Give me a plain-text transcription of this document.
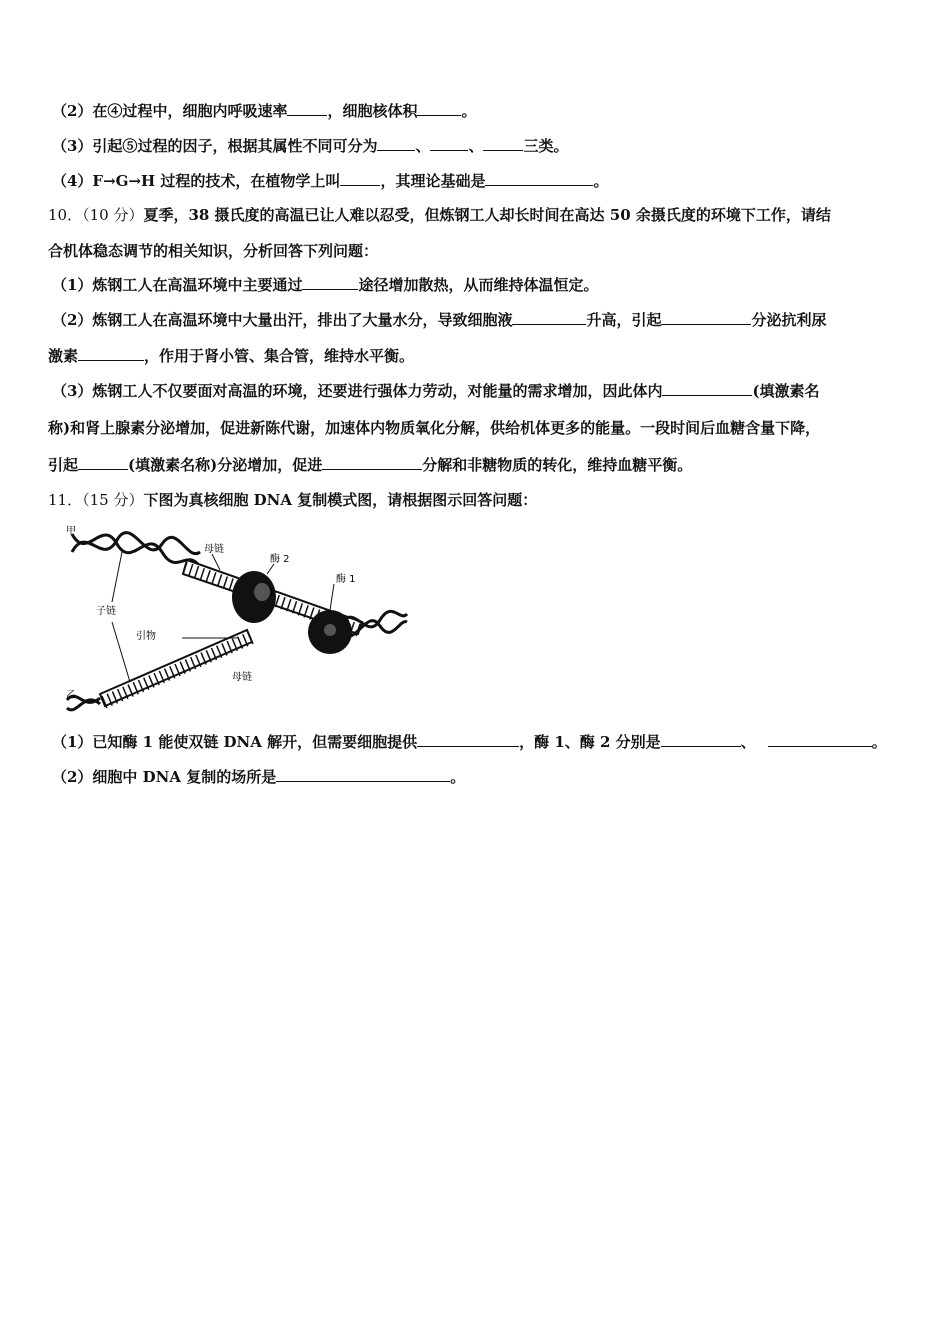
（2）在④过程中，细胞内呼吸速率	，细胞核体积	。
（3）引起⑤过程的因子，根据其属性不同可分为	、	、	三类。
（4）F→G→H 过程的技术，在植物学上叫	，其理论基础是	。
10．（10 分）夏季，38 摄氏度的高温已让人难以忍受，但炼钢工人却长时间在高达 50 余摄氏度的环境下工作，请结
合机体稳态调节的相关知识，分析回答下列问题：
（1）炼钢工人在高温环境中主要通过	途径增加散热，从而维持体温恒定。
（2）炼钢工人在高温环境中大量出汗，排出了大量水分，导致细胞液	升高，引起	分泌抗利尿
激素	，作用于肾小管、集合管，维持水平衡。
（3）炼钢工人不仅要面对高温的环境，还要进行强体力劳动，对能量的需求增加，因此体内	(填激素名
称)和肾上腺素分泌增加，促进新陈代谢，加速体内物质氧化分解，供给机体更多的能量。一段时间后血糖含量下降，
引起	(填激素名称)分泌增加，促进	分解和非糖物质的转化，维持血糖平衡。
11．（15 分）下图为真核细胞 DNA 复制模式图，请根据图示回答问题：
甲
母链
酶 2
酶 1
子链
引物
母链
乙
（1）已知酶 1 能使双链 DNA 解开，但需要细胞提供	，酶 1、酶 2 分别是	、	。
（2）细胞中 DNA 复制的场所是	。
